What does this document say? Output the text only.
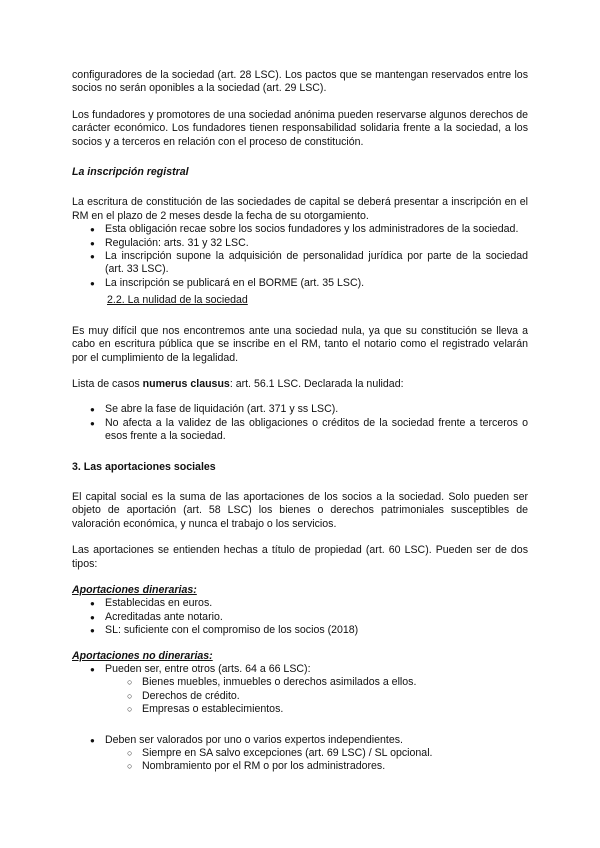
configuradores de la sociedad (art. 28 LSC). Los pactos que se mantengan reservados entre los socios no serán oponibles a la sociedad (art. 29 LSC).

Los fundadores y promotores de una sociedad anónima pueden reservarse algunos derechos de carácter económico. Los fundadores tienen responsabilidad solidaria frente a la sociedad, a los socios y a terceros en relación con el proceso de constitución.

La inscripción registral

La escritura de constitución de las sociedades de capital se deberá presentar a inscripción en el RM en el plazo de 2 meses desde la fecha de su otorgamiento.

● Esta obligación recae sobre los socios fundadores y los administradores de la sociedad.
● Regulación: arts. 31 y 32 LSC.
● La inscripción supone la adquisición de personalidad jurídica por parte de la sociedad (art. 33 LSC).
● La inscripción se publicará en el BORME (art. 35 LSC).

2.2. La nulidad de la sociedad

Es muy difícil que nos encontremos ante una sociedad nula, ya que su constitución se lleva a cabo en escritura pública que se inscribe en el RM, tanto el notario como el registrado velarán por el cumplimiento de la legalidad.

Lista de casos numerus clausus: art. 56.1 LSC. Declarada la nulidad:

● Se abre la fase de liquidación (art. 371 y ss LSC).
● No afecta a la validez de las obligaciones o créditos de la sociedad frente a terceros o esos frente a la sociedad.

3. Las aportaciones sociales

El capital social es la suma de las aportaciones de los socios a la sociedad. Solo pueden ser objeto de aportación (art. 58 LSC) los bienes o derechos patrimoniales susceptibles de valoración económica, y nunca el trabajo o los servicios.

Las aportaciones se entienden hechas a título de propiedad (art. 60 LSC). Pueden ser de dos tipos:

Aportaciones dinerarias:

● Establecidas en euros.
● Acreditadas ante notario.
● SL: suficiente con el compromiso de los socios (2018)

Aportaciones no dinerarias:

● Pueden ser, entre otros (arts. 64 a 66 LSC):
○ Bienes muebles, inmuebles o derechos asimilados a ellos.
○ Derechos de crédito.
○ Empresas o establecimientos.
● Deben ser valorados por uno o varios expertos independientes.
○ Siempre en SA salvo excepciones (art. 69 LSC) / SL opcional.
○ Nombramiento por el RM o por los administradores.
